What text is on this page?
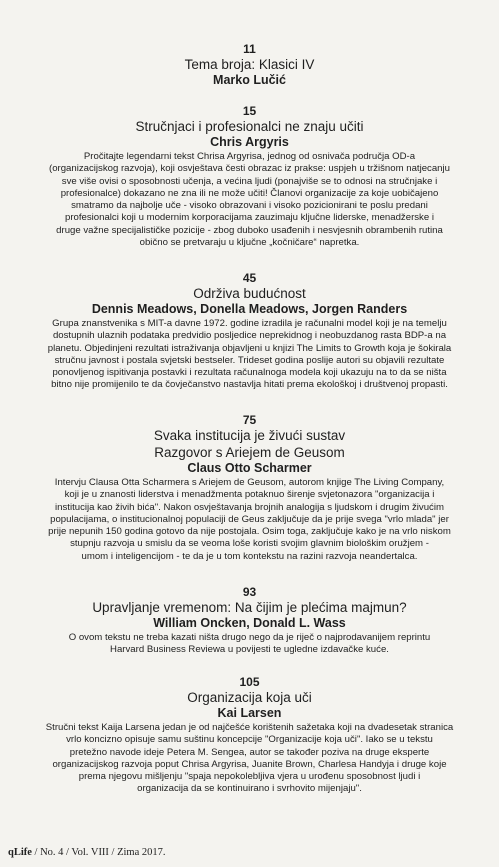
11
Tema broja: Klasici IV
Marko Lučić
15
Stručnjaci i profesionalci ne znaju učiti
Chris Argyris
Pročitajte legendarni tekst Chrisa Argyrisa, jednog od osnivača područja OD-a
(organizacijskog razvoja), koji osvještava česti obrazac iz prakse: uspjeh u tržišnom natjecanju
sve više ovisi o sposobnosti učenja, a većina ljudi (ponajviše se to odnosi na stručnjake i
profesionalce) dokazano ne zna ili ne može učiti! Članovi organizacije za koje uobičajeno
smatramo da najbolje uče - visoko obrazovani i visoko pozicionirani te poslu predani
profesionalci koji u modernim korporacijama zauzimaju ključne liderske, menadžerske i
druge važne specijalističke pozicije - zbog duboko usađenih i nesvjesnih obrambenih rutina
obično se pretvaraju u ključne „kočničare“ napretka.
45
Održiva budućnost
Dennis Meadows, Donella Meadows, Jorgen Randers
Grupa znanstvenika s MIT-a davne 1972. godine izradila je računalni model koji je na temelju
dostupnih ulaznih podataka predvidio posljedice neprekidnog i neobuzdanog rasta BDP-a na
planetu. Objedinjeni rezultati istraživanja objavljeni u knjizi The Limits to Growth koja je šokirala
stručnu javnost i postala svjetski bestseler. Trideset godina poslije autori su objavili rezultate
ponovljenog ispitivanja postavki i rezultata računalnoga modela koji ukazuju na to da se ništa
bitno nije promijenilo te da čovječanstvo nastavlja hitati prema ekološkoj i društvenoj propasti.
75
Svaka institucija je živući sustav
Razgovor s Ariejem de Geusom
Claus Otto Scharmer
Intervju Clausa Otta Scharmera s Ariejem de Geusom, autorom knjige The Living Company,
koji je u znanosti liderstva i menadžmenta potaknuo širenje svjetonazora "organizacija i
institucija kao živih bića". Nakon osvještavanja brojnih analogija s ljudskom i drugim živućim
populacijama, o institucionalnoj populaciji de Geus zaključuje da je prije svega "vrlo mlada" jer
prije nepunih 150 godina gotovo da nije postojala. Osim toga, zaključuje kako je na vrlo niskom
stupnju razvoja u smislu da se veoma loše koristi svojim glavnim biološkim oružjem -
umom i inteligencijom - te da je u tom kontekstu na razini razvoja neandertalca.
93
Upravljanje vremenom: Na čijim je plećima majmun?
William Oncken, Donald L. Wass
O ovom tekstu ne treba kazati ništa drugo nego da je riječ o najprodavanijem reprintu
Harvard Business Reviewa u povijesti te ugledne izdavačke kuće.
105
Organizacija koja uči
Kai Larsen
Stručni tekst Kaija Larsena jedan je od najčešće korištenih sažetaka koji na dvadesetak stranica
vrlo koncizno opisuje samu suštinu koncepcije "Organizacije koja uči". Iako se u tekstu
pretežno navode ideje Petera M. Sengea, autor se također poziva na druge eksperte
organizacijskog razvoja poput Chrisa Argyrisa, Juanite Brown, Charlesa Handyja i druge koje
prema njegovu mišljenju "spaja nepokolebljiva vjera u urođenu sposobnost ljudi i
organizacija da se kontinuirano i svrhovito mijenjaju".
qLife / No. 4 / Vol. VIII / Zima 2017.
